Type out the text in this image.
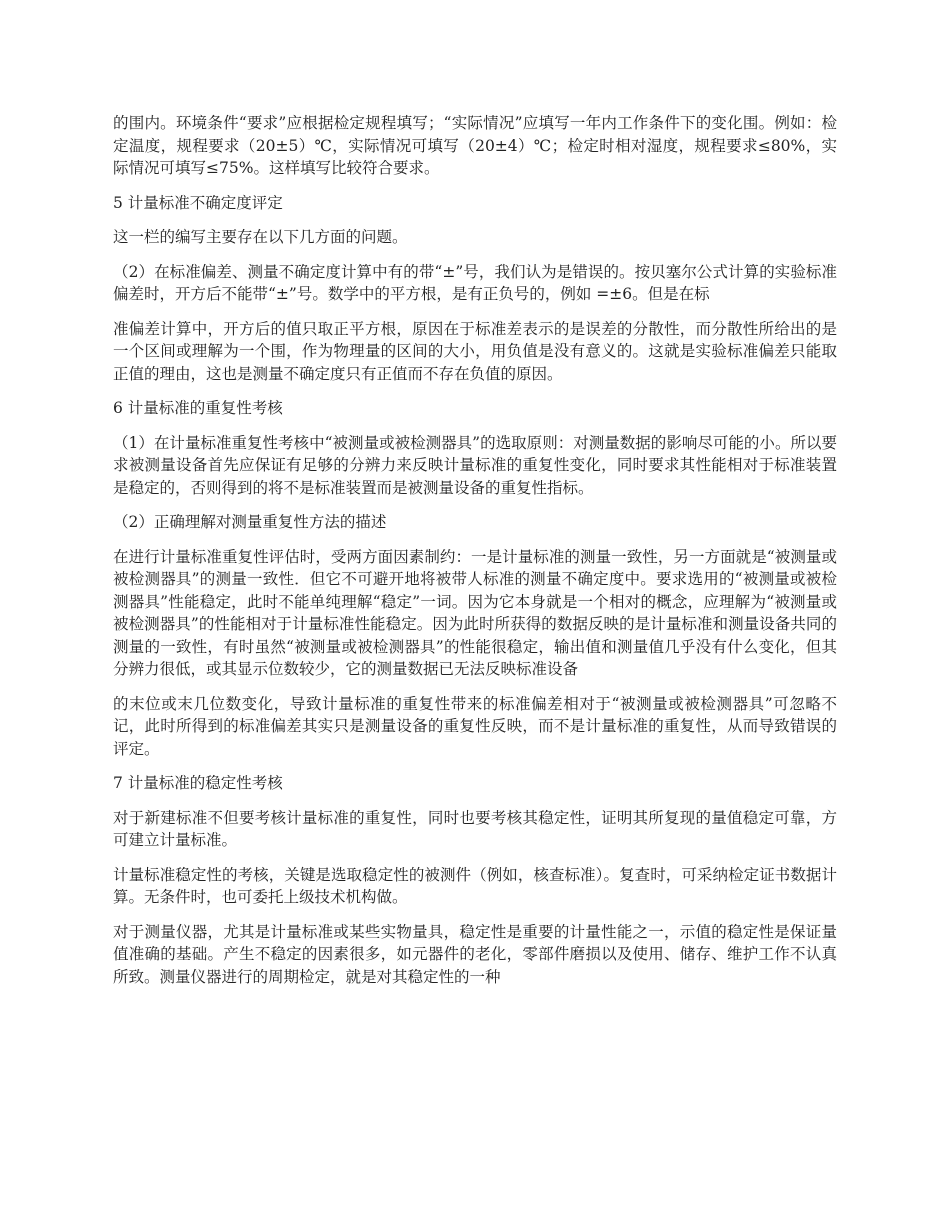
的围内。环境条件“要求”应根据检定规程填写；“实际情况”应填写一年内工作条件下的变化围。例如：检定温度，规程要求（20±5）℃，实际情况可填写（20±4）℃；检定时相对湿度，规程要求≤80%，实际情况可填写≤75%。这样填写比较符合要求。

5 计量标准不确定度评定

这一栏的编写主要存在以下几方面的问题。

（2）在标准偏差、测量不确定度计算中有的带“±”号，我们认为是错误的。按贝塞尔公式计算的实验标准偏差时，开方后不能带“±”号。数学中的平方根，是有正负号的，例如 =±6。但是在标

准偏差计算中，开方后的值只取正平方根，原因在于标准差表示的是误差的分散性，而分散性所给出的是一个区间或理解为一个围，作为物理量的区间的大小，用负值是没有意义的。这就是实验标准偏差只能取正值的理由，这也是测量不确定度只有正值而不存在负值的原因。

6 计量标准的重复性考核

（1）在计量标准重复性考核中“被测量或被检测器具”的选取原则：对测量数据的影响尽可能的小。所以要求被测量设备首先应保证有足够的分辨力来反映计量标准的重复性变化，同时要求其性能相对于标准装置是稳定的，否则得到的将不是标准装置而是被测量设备的重复性指标。

（2）正确理解对测量重复性方法的描述

在进行计量标准重复性评估时，受两方面因素制约：一是计量标准的测量一致性，另一方面就是“被测量或被检测器具”的测量一致性．但它不可避开地将被带人标准的测量不确定度中。要求选用的“被测量或被检测器具”性能稳定，此时不能单纯理解“稳定”一词。因为它本身就是一个相对的概念，应理解为“被测量或被检测器具”的性能相对于计量标准性能稳定。因为此时所获得的数据反映的是计量标准和测量设备共同的测量的一致性，有时虽然“被测量或被检测器具”的性能很稳定，输出值和测量值几乎没有什么变化，但其分辨力很低，或其显示位数较少，它的测量数据已无法反映标准设备

的末位或末几位数变化，导致计量标准的重复性带来的标准偏差相对于“被测量或被检测器具”可忽略不记，此时所得到的标准偏差其实只是测量设备的重复性反映，而不是计量标准的重复性，从而导致错误的评定。

7 计量标准的稳定性考核

对于新建标准不但要考核计量标准的重复性，同时也要考核其稳定性，证明其所复现的量值稳定可靠，方可建立计量标准。

计量标准稳定性的考核，关键是选取稳定性的被测件（例如，核查标准）。复查时，可采纳检定证书数据计算。无条件时，也可委托上级技术机构做。

对于测量仪器，尤其是计量标准或某些实物量具，稳定性是重要的计量性能之一，示值的稳定性是保证量值准确的基础。产生不稳定的因素很多，如元器件的老化，零部件磨损以及使用、储存、维护工作不认真所致。测量仪器进行的周期检定，就是对其稳定性的一种
